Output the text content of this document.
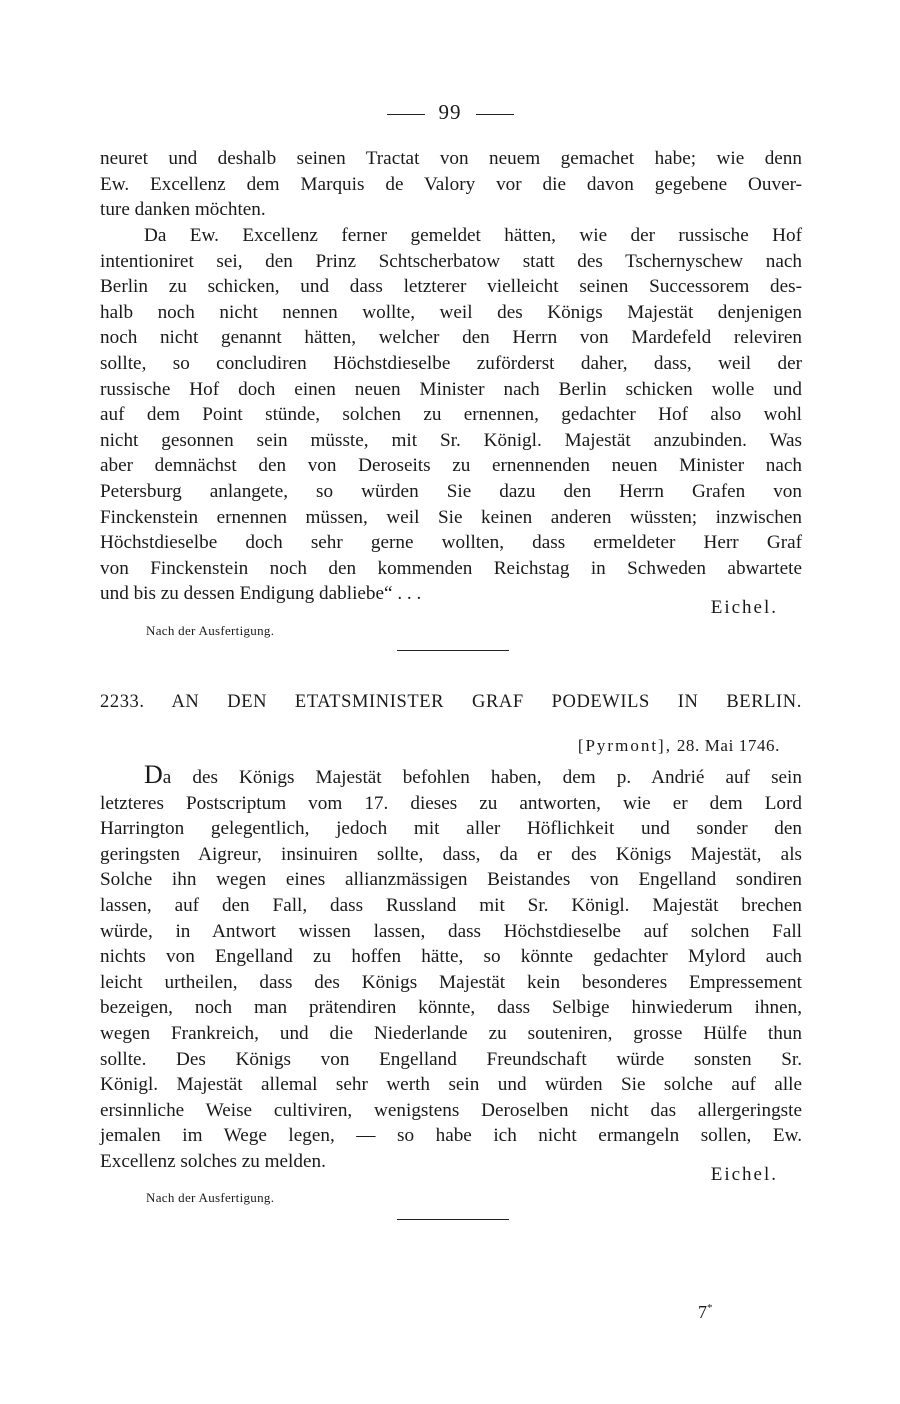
99
neuret und deshalb seinen Tractat von neuem gemachet habe; wie denn
Ew. Excellenz dem Marquis de Valory vor die davon gegebene Ouver-
ture danken möchten.
Da Ew. Excellenz ferner gemeldet hätten, wie der russische Hof
intentioniret sei, den Prinz Schtscherbatow statt des Tschernyschew nach
Berlin zu schicken, und dass letzterer vielleicht seinen Successorem des-
halb noch nicht nennen wollte, weil des Königs Majestät denjenigen
noch nicht genannt hätten, welcher den Herrn von Mardefeld releviren
sollte, so concludiren Höchstdieselbe zuförderst daher, dass, weil der
russische Hof doch einen neuen Minister nach Berlin schicken wolle und
auf dem Point stünde, solchen zu ernennen, gedachter Hof also wohl
nicht gesonnen sein müsste, mit Sr. Königl. Majestät anzubinden. Was
aber demnächst den von Deroseits zu ernennenden neuen Minister nach
Petersburg anlangete, so würden Sie dazu den Herrn Grafen von
Finckenstein ernennen müssen, weil Sie keinen anderen wüssten; inzwischen
Höchstdieselbe doch sehr gerne wollten, dass ermeldeter Herr Graf
von Finckenstein noch den kommenden Reichstag in Schweden abwartete
und bis zu dessen Endigung dabliebe“ . . .
Eichel.
Nach der Ausfertigung.
2233. AN DEN ETATSMINISTER GRAF PODEWILS IN BERLIN.
[Pyrmont], 28. Mai 1746.
Da des Königs Majestät befohlen haben, dem p. Andrié auf sein
letzteres Postscriptum vom 17. dieses zu antworten, wie er dem Lord
Harrington gelegentlich, jedoch mit aller Höflichkeit und sonder den
geringsten Aigreur, insinuiren sollte, dass, da er des Königs Majestät, als
Solche ihn wegen eines allianzmässigen Beistandes von Engelland sondiren
lassen, auf den Fall, dass Russland mit Sr. Königl. Majestät brechen
würde, in Antwort wissen lassen, dass Höchstdieselbe auf solchen Fall
nichts von Engelland zu hoffen hätte, so könnte gedachter Mylord auch
leicht urtheilen, dass des Königs Majestät kein besonderes Empressement
bezeigen, noch man prätendiren könnte, dass Selbige hinwiederum ihnen,
wegen Frankreich, und die Niederlande zu souteniren, grosse Hülfe thun
sollte. Des Königs von Engelland Freundschaft würde sonsten Sr.
Königl. Majestät allemal sehr werth sein und würden Sie solche auf alle
ersinnliche Weise cultiviren, wenigstens Deroselben nicht das allergeringste
jemalen im Wege legen, — so habe ich nicht ermangeln sollen, Ew.
Excellenz solches zu melden.
Eichel.
Nach der Ausfertigung.
7*
